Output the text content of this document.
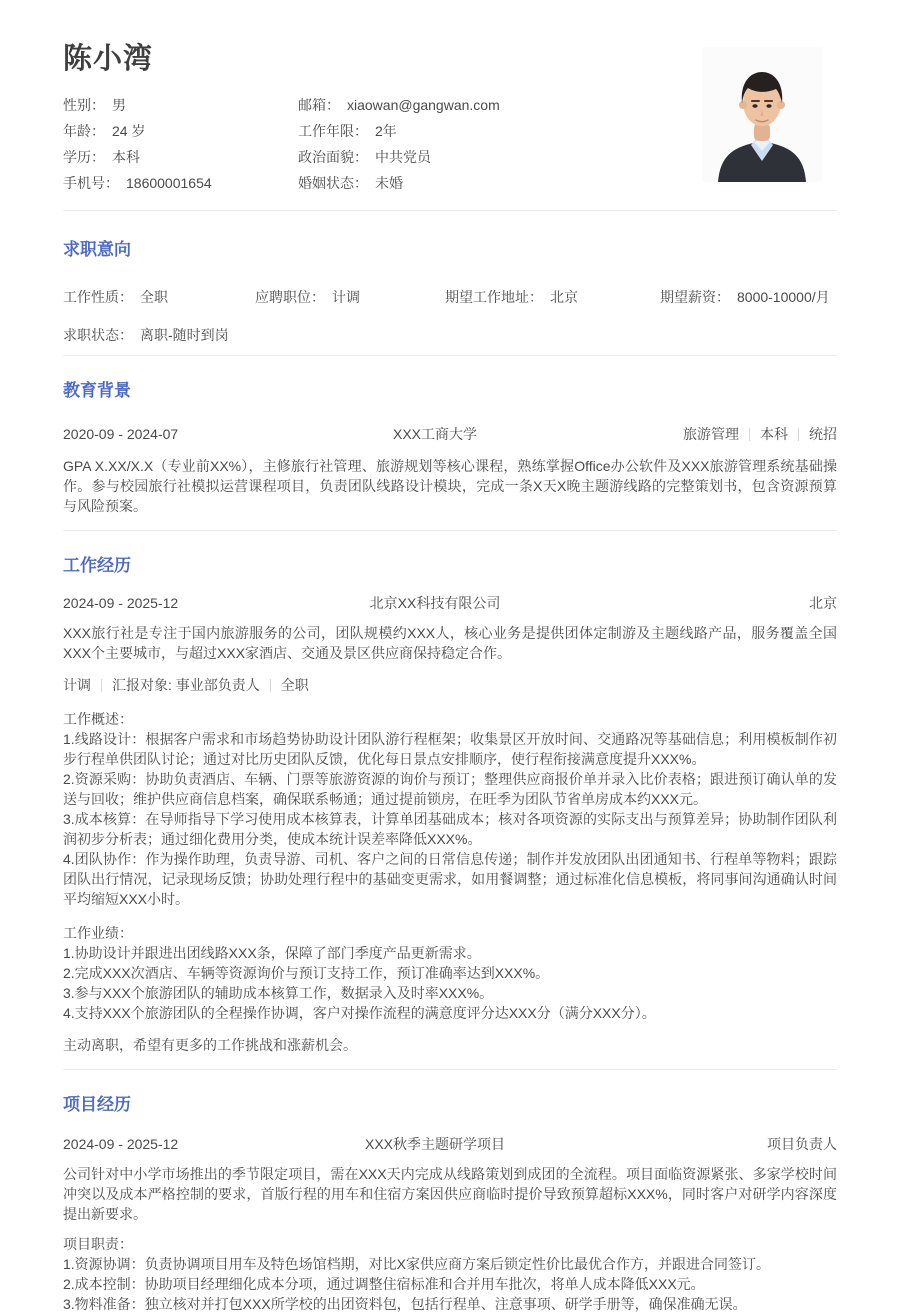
陈小湾
性别： 男	邮箱： xiaowan@gangwan.com
年龄： 24 岁	工作年限： 2年
学历： 本科	政治面貌： 中共党员
手机号： 18600001654	婚姻状态： 未婚
求职意向
工作性质： 全职	应聘职位： 计调	期望工作地址： 北京	期望薪资： 8000-10000/月
求职状态： 离职-随时到岗
教育背景
2020-09 - 2024-07	XXX工商大学	旅游管理 本科 统招

GPA X.XX/X.X（专业前XX%），主修旅行社管理、旅游规划等核心课程，熟练掌握Office办公软件及XXX旅游管理系统基础操作。参与校园旅行社模拟运营课程项目，负责团队线路设计模块，完成一条X天X晚主题游线路的完整策划书，包含资源预算与风险预案。

工作经历
2024-09 - 2025-12	北京XX科技有限公司	北京

XXX旅行社是专注于国内旅游服务的公司，团队规模约XXX人，核心业务是提供团体定制游及主题线路产品，服务覆盖全国XXX个主要城市，与超过XXX家酒店、交通及景区供应商保持稳定合作。

计调 汇报对象: 事业部负责人 全职
工作概述：
1.线路设计：根据客户需求和市场趋势协助设计团队游行程框架；收集景区开放时间、交通路况等基础信息；利用模板制作初步行程单供团队讨论；通过对比历史团队反馈，优化每日景点安排顺序，使行程衔接满意度提升XXX%。
2.资源采购：协助负责酒店、车辆、门票等旅游资源的询价与预订；整理供应商报价单并录入比价表格；跟进预订确认单的发送与回收；维护供应商信息档案，确保联系畅通；通过提前锁房，在旺季为团队节省单房成本约XXX元。
3.成本核算：在导师指导下学习使用成本核算表，计算单团基础成本；核对各项资源的实际支出与预算差异；协助制作团队利润初步分析表；通过细化费用分类，使成本统计误差率降低XXX%。
4.团队协作：作为操作助理，负责导游、司机、客户之间的日常信息传递；制作并发放团队出团通知书、行程单等物料；跟踪团队出行情况，记录现场反馈；协助处理行程中的基础变更需求，如用餐调整；通过标准化信息模板，将同事间沟通确认时间平均缩短XXX小时。
工作业绩：
1.协助设计并跟进出团线路XXX条，保障了部门季度产品更新需求。
2.完成XXX次酒店、车辆等资源询价与预订支持工作，预订准确率达到XXX%。
3.参与XXX个旅游团队的辅助成本核算工作，数据录入及时率XXX%。
4.支持XXX个旅游团队的全程操作协调，客户对操作流程的满意度评分达XXX分（满分XXX分）。

主动离职，希望有更多的工作挑战和涨薪机会。

项目经历
2024-09 - 2025-12	XXX秋季主题研学项目	项目负责人

公司针对中小学市场推出的季节限定项目，需在XXX天内完成从线路策划到成团的全流程。项目面临资源紧张、多家学校时间冲突以及成本严格控制的要求，首版行程的用车和住宿方案因供应商临时提价导致预算超标XXX%，同时客户对研学内容深度提出新要求。

项目职责：
1.资源协调：负责协调项目用车及特色场馆档期，对比X家供应商方案后锁定性价比最优合作方，并跟进合同签订。
2.成本控制：协助项目经理细化成本分项，通过调整住宿标准和合并用车批次，将单人成本降低XXX元。
3.物料准备：独立核对并打包XXX所学校的出团资料包，包括行程单、注意事项、研学手册等，确保准确无误。
